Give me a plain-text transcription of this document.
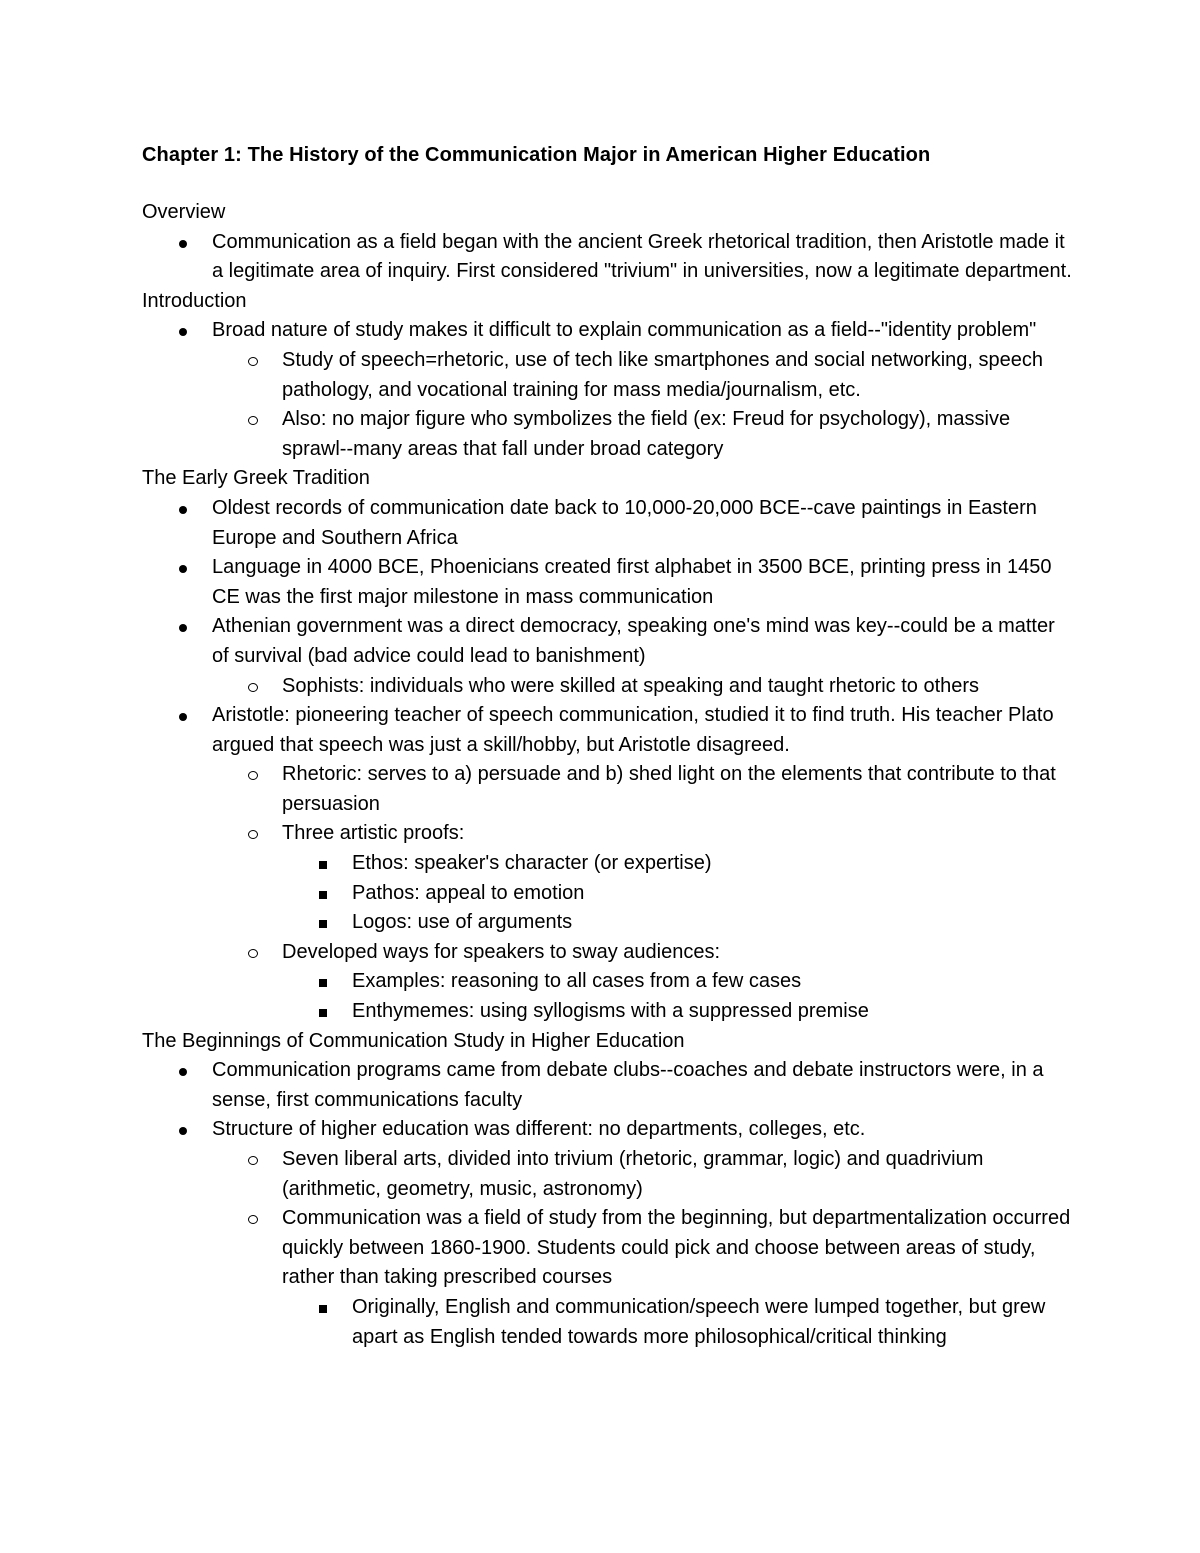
Chapter 1: The History of the Communication Major in American Higher Education
Overview
Communication as a field began with the ancient Greek rhetorical tradition, then Aristotle made it a legitimate area of inquiry. First considered "trivium" in universities, now a legitimate department.
Introduction
Broad nature of study makes it difficult to explain communication as a field--"identity problem"
Study of speech=rhetoric, use of tech like smartphones and social networking, speech pathology, and vocational training for mass media/journalism, etc.
Also: no major figure who symbolizes the field (ex: Freud for psychology), massive sprawl--many areas that fall under broad category
The Early Greek Tradition
Oldest records of communication date back to 10,000-20,000 BCE--cave paintings in Eastern Europe and Southern Africa
Language in 4000 BCE, Phoenicians created first alphabet in 3500 BCE, printing press in 1450 CE was the first major milestone in mass communication
Athenian government was a direct democracy, speaking one's mind was key--could be a matter of survival (bad advice could lead to banishment)
Sophists: individuals who were skilled at speaking and taught rhetoric to others
Aristotle: pioneering teacher of speech communication, studied it to find truth. His teacher Plato argued that speech was just a skill/hobby, but Aristotle disagreed.
Rhetoric: serves to a) persuade and b) shed light on the elements that contribute to that persuasion
Three artistic proofs:
Ethos: speaker's character (or expertise)
Pathos: appeal to emotion
Logos: use of arguments
Developed ways for speakers to sway audiences:
Examples: reasoning to all cases from a few cases
Enthymemes: using syllogisms with a suppressed premise
The Beginnings of Communication Study in Higher Education
Communication programs came from debate clubs--coaches and debate instructors were, in a sense, first communications faculty
Structure of higher education was different: no departments, colleges, etc.
Seven liberal arts, divided into trivium (rhetoric, grammar, logic) and quadrivium (arithmetic, geometry, music, astronomy)
Communication was a field of study from the beginning, but departmentalization occurred quickly between 1860-1900. Students could pick and choose between areas of study, rather than taking prescribed courses
Originally, English and communication/speech were lumped together, but grew apart as English tended towards more philosophical/critical thinking
